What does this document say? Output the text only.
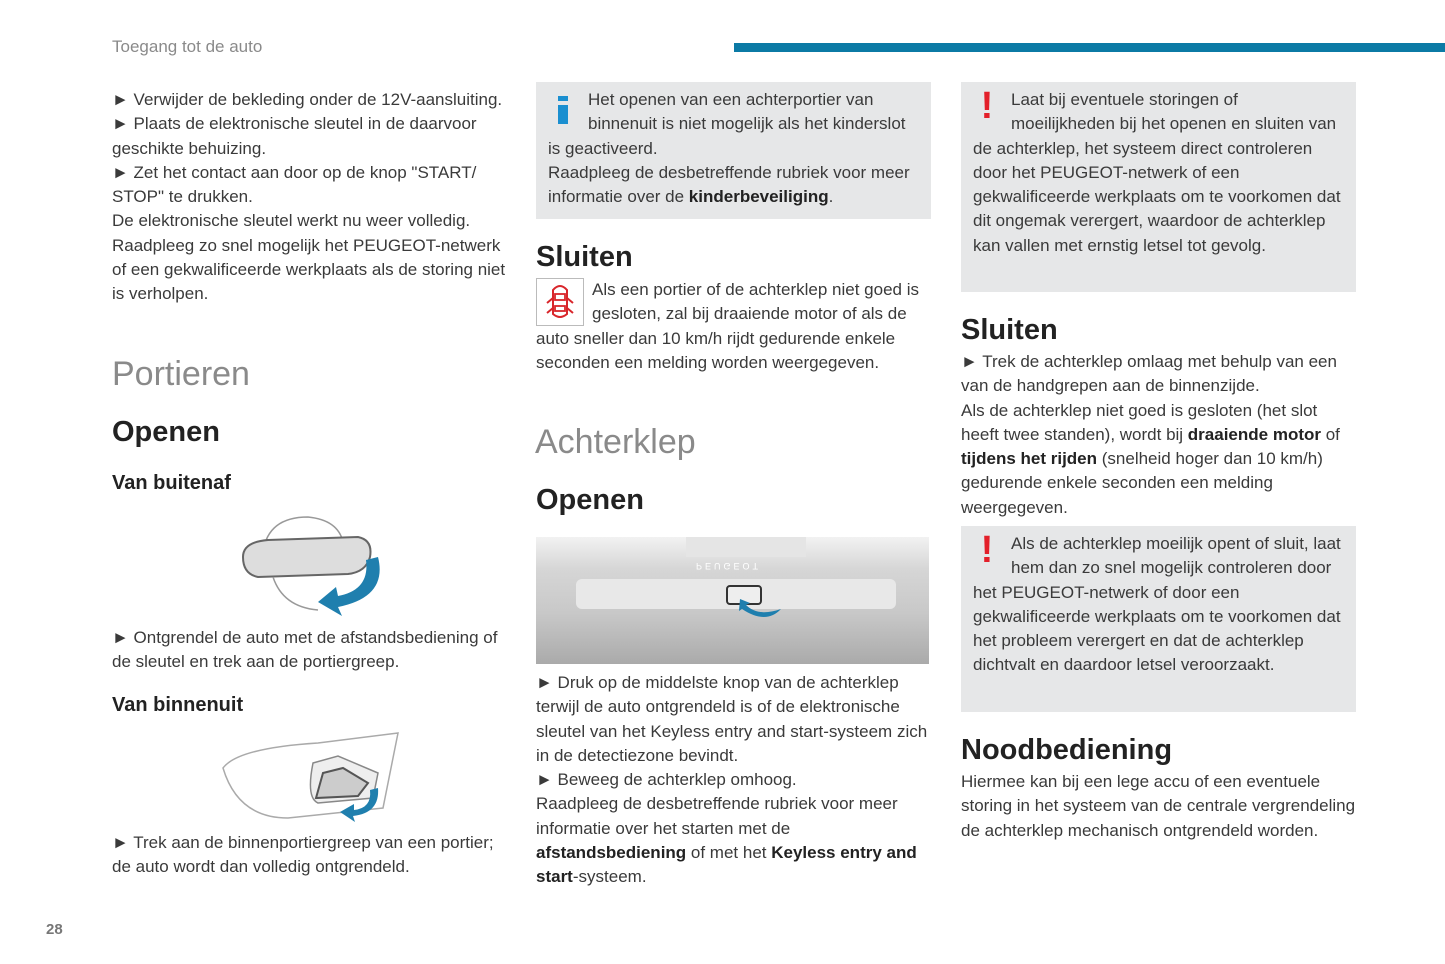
Toegang tot de auto

► Verwijder de bekleding onder de 12V-aansluiting.

► Plaats de elektronische sleutel in de daarvoor geschikte behuizing.

► Zet het contact aan door op de knop "START/ STOP" te drukken.

De elektronische sleutel werkt nu weer volledig.

Raadpleeg zo snel mogelijk het PEUGEOT-netwerk of een gekwalificeerde werkplaats als de storing niet is verholpen.

Portieren
Openen
Van buitenaf
► Ontgrendel de auto met de afstandsbediening of de sleutel en trek aan de portiergreep.
Van binnenuit
► Trek aan de binnenportiergreep van een portier; de auto wordt dan volledig ontgrendeld.
28

Het openen van een achterportier van binnenuit is niet mogelijk als het kinderslot is geactiveerd.

Raadpleeg de desbetreffende rubriek voor meer informatie over de kinderbeveiliging.

Sluiten

Als een portier of de achterklep niet goed is gesloten, zal bij draaiende motor of als de auto sneller dan 10 km/h rijdt gedurende enkele seconden een melding worden weergegeven.

Achterklep
Openen
PEUGEOT

► Druk op de middelste knop van de achterklep terwijl de auto ontgrendeld is of de elektronische sleutel van het Keyless entry and start-systeem zich in de detectiezone bevindt.

► Beweeg de achterklep omhoog.

Raadpleeg de desbetreffende rubriek voor meer informatie over het starten met de afstandsbediening of met het Keyless entry and start-systeem.

!	Laat bij eventuele storingen of moeilijkheden bij het openen en sluiten van de achterklep, het systeem direct controleren door het PEUGEOT-netwerk of een gekwalificeerde werkplaats om te voorkomen dat dit ongemak verergert, waardoor de achterklep kan vallen met ernstig letsel tot gevolg.

Sluiten

► Trek de achterklep omlaag met behulp van een van de handgrepen aan de binnenzijde.

Als de achterklep niet goed is gesloten (het slot heeft twee standen), wordt bij draaiende motor of tijdens het rijden (snelheid hoger dan 10 km/h) gedurende enkele seconden een melding weergegeven.

!	Als de achterklep moeilijk opent of sluit, laat hem dan zo snel mogelijk controleren door het PEUGEOT-netwerk of door een gekwalificeerde werkplaats om te voorkomen dat het probleem verergert en dat de achterklep dichtvalt en daardoor letsel veroorzaakt.

Noodbediening
Hiermee kan bij een lege accu of een eventuele storing in het systeem van de centrale vergrendeling de achterklep mechanisch ontgrendeld worden.
